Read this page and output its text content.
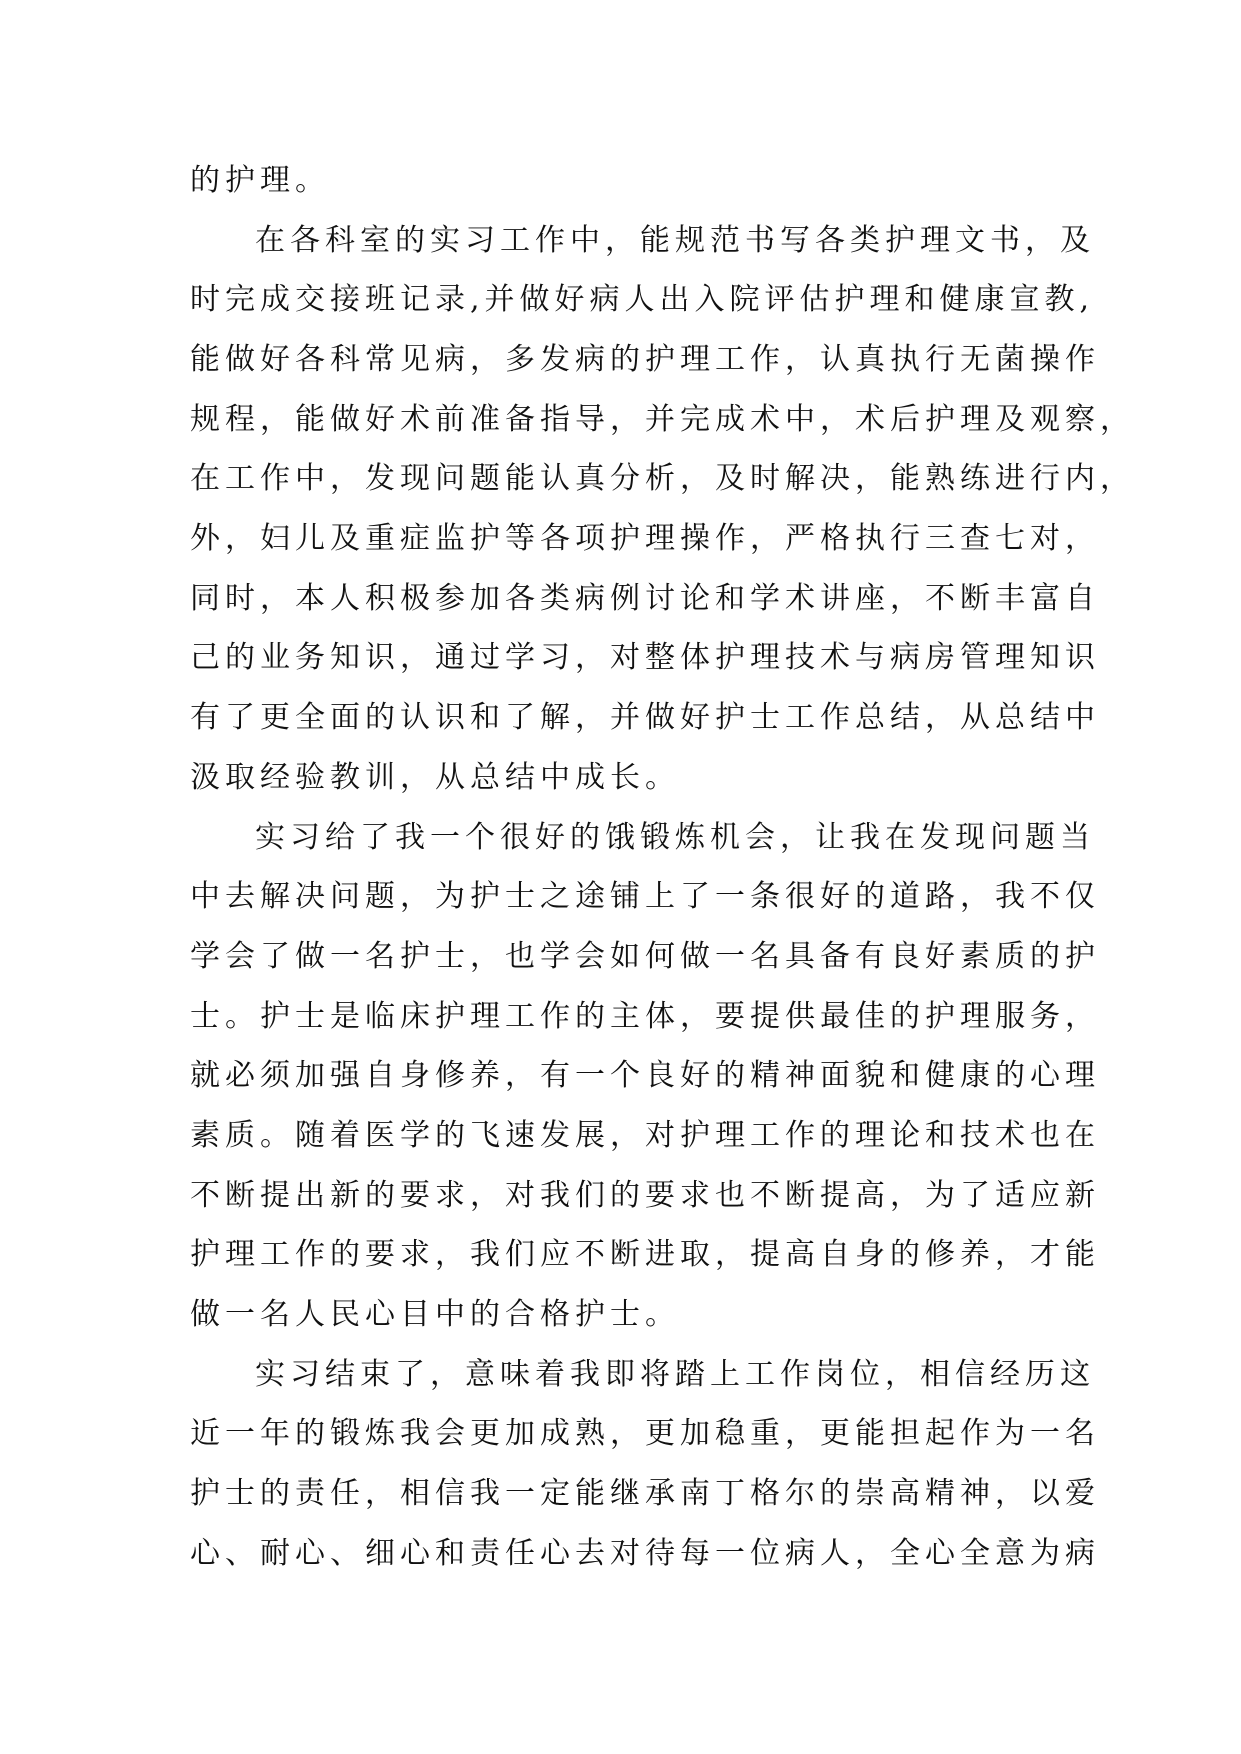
的护理。

在各科室的实习工作中，能规范书写各类护理文书，及

时完成交接班记录,并做好病人出入院评估护理和健康宣教,

能做好各科常见病，多发病的护理工作，认真执行无菌操作

规程，能做好术前准备指导，并完成术中，术后护理及观察，

在工作中，发现问题能认真分析，及时解决，能熟练进行内，

外，妇儿及重症监护等各项护理操作，严格执行三查七对，

同时，本人积极参加各类病例讨论和学术讲座，不断丰富自

己的业务知识，通过学习，对整体护理技术与病房管理知识

有了更全面的认识和了解，并做好护士工作总结，从总结中

汲取经验教训，从总结中成长。

实习给了我一个很好的饿锻炼机会，让我在发现问题当

中去解决问题，为护士之途铺上了一条很好的道路，我不仅

学会了做一名护士，也学会如何做一名具备有良好素质的护

士。护士是临床护理工作的主体，要提供最佳的护理服务，

就必须加强自身修养，有一个良好的精神面貌和健康的心理

素质。随着医学的飞速发展，对护理工作的理论和技术也在

不断提出新的要求，对我们的要求也不断提高，为了适应新

护理工作的要求，我们应不断进取，提高自身的修养，才能

做一名人民心目中的合格护士。

实习结束了，意味着我即将踏上工作岗位，相信经历这

近一年的锻炼我会更加成熟，更加稳重，更能担起作为一名

护士的责任，相信我一定能继承南丁格尔的崇高精神，以爱

心、耐心、细心和责任心去对待每一位病人，全心全意为病
